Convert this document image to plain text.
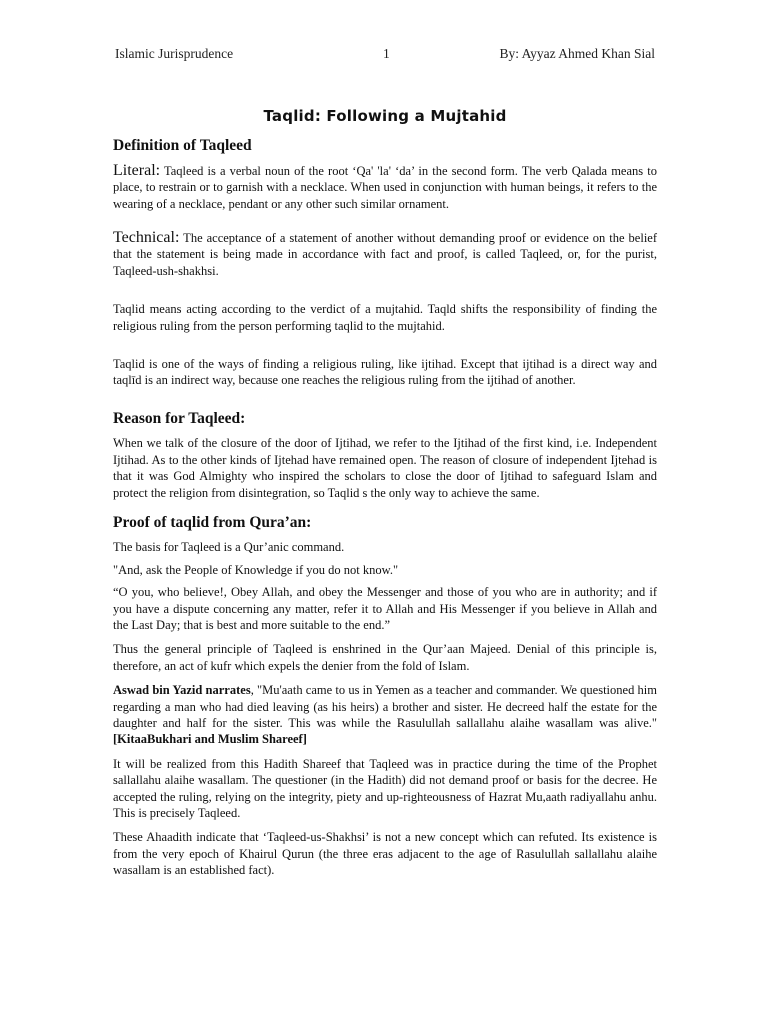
Islamic Jurisprudence	1	By: Ayyaz Ahmed Khan Sial
Taqlid: Following a Mujtahid
Definition of Taqleed

Literal: Taqleed is a verbal noun of the root ‘Qa' 'la' ‘da’ in the second form. The verb Qalada means to place, to restrain or to garnish with a necklace. When used in conjunction with human beings, it refers to the wearing of a necklace, pendant or any other such similar ornament.

Technical: The acceptance of a statement of another without demanding proof or evidence on the belief that the statement is being made in accordance with fact and proof, is called Taqleed, or, for the purist, Taqleed-ush-shakhsi.

Taqlid means acting according to the verdict of a mujtahid. Taqld shifts the responsibility of finding the religious ruling from the person performing taqlid to the mujtahid.

Taqlid is one of the ways of finding a religious ruling, like ijtihad. Except that ijtihad is a direct way and taqlīd is an indirect way, because one reaches the religious ruling from the ijtihad of another.

Reason for Taqleed:

When we talk of the closure of the door of Ijtihad, we refer to the Ijtihad of the first kind, i.e. Independent Ijtihad. As to the other kinds of Ijtehad have remained open. The reason of closure of independent Ijtehad is that it was God Almighty who inspired the scholars to close the door of Ijtihad to safeguard Islam and protect the religion from disintegration, so Taqlid s the only way to achieve the same.

Proof of taqlid from Qura’an:

The basis for Taqleed is a Qur’anic command.

"And, ask the People of Knowledge if you do not know."

“O you, who believe!, Obey Allah, and obey the Messenger and those of you who are in authority; and if you have a dispute concerning any matter, refer it to Allah and His Messenger if you believe in Allah and the Last Day; that is best and more suitable to the end.”

Thus the general principle of Taqleed is enshrined in the Qur’aan Majeed. Denial of this principle is, therefore, an act of kufr which expels the denier from the fold of Islam.

Aswad bin Yazid narrates, "Mu'aath came to us in Yemen as a teacher and commander. We questioned him regarding a man who had died leaving (as his heirs) a brother and sister. He decreed half the estate for the daughter and half for the sister. This was while the Rasulullah sallallahu alaihe wasallam was alive."[KitaaBukhari and Muslim Shareef]

It will be realized from this Hadith Shareef that Taqleed was in practice during the time of the Prophet sallallahu alaihe wasallam. The questioner (in the Hadith) did not demand proof or basis for the decree. He accepted the ruling, relying on the integrity, piety and up-righteousness of Hazrat Mu,aath radiyallahu anhu. This is precisely Taqleed.

These Ahaadith indicate that ‘Taqleed-us-Shakhsi’ is not a new concept which can refuted. Its existence is from the very epoch of Khairul Qurun (the three eras adjacent to the age of Rasulullah sallallahu alaihe wasallam is an established fact).
